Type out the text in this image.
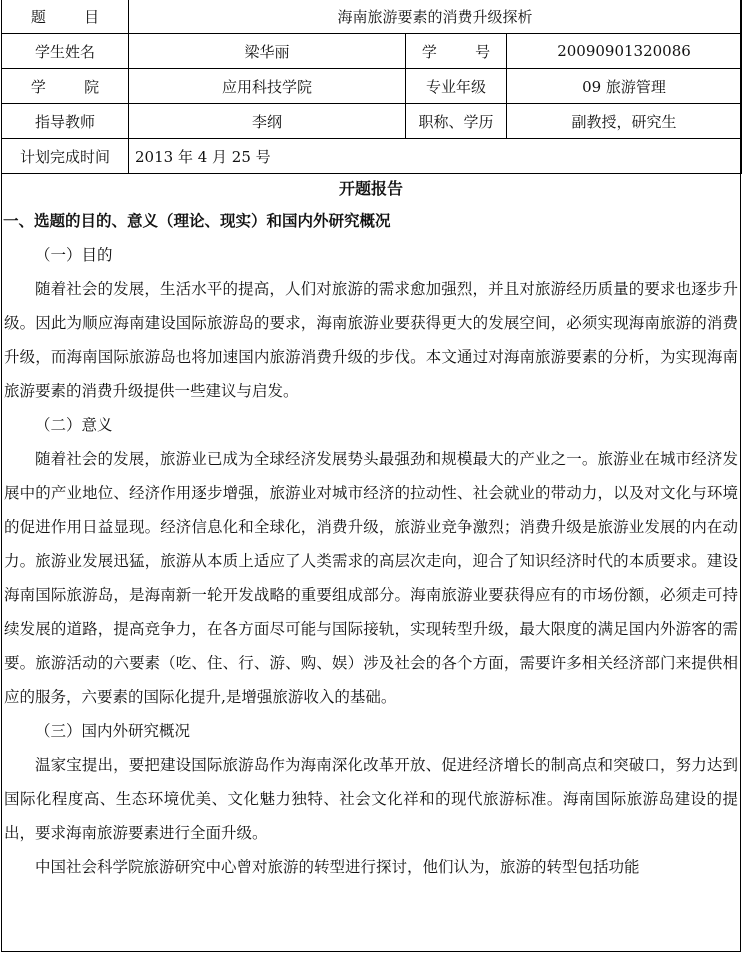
题        目	海南旅游要素的消费升级探析		
学生姓名	梁华丽	学        号	20090901320086
学        院	应用科技学院	专业年级	09 旅游管理
指导教师	李纲	职称、学历	副教授，研究生
计划完成时间	2013 年 4 月 25 号		
开题报告
一、选题的目的、意义（理论、现实）和国内外研究概况
（一）目的

随着社会的发展，生活水平的提高，人们对旅游的需求愈加强烈，并且对旅游经历质量的要求也逐步升级。因此为顺应海南建设国际旅游岛的要求，海南旅游业要获得更大的发展空间，必须实现海南旅游的消费升级，而海南国际旅游岛也将加速国内旅游消费升级的步伐。本文通过对海南旅游要素的分析，为实现海南旅游要素的消费升级提供一些建议与启发。

（二）意义

随着社会的发展，旅游业已成为全球经济发展势头最强劲和规模最大的产业之一。旅游业在城市经济发展中的产业地位、经济作用逐步增强，旅游业对城市经济的拉动性、社会就业的带动力，以及对文化与环境的促进作用日益显现。经济信息化和全球化，消费升级，旅游业竞争激烈；消费升级是旅游业发展的内在动力。旅游业发展迅猛，旅游从本质上适应了人类需求的高层次走向，迎合了知识经济时代的本质要求。建设海南国际旅游岛，是海南新一轮开发战略的重要组成部分。海南旅游业要获得应有的市场份额，必须走可持续发展的道路，提高竞争力，在各方面尽可能与国际接轨，实现转型升级，最大限度的满足国内外游客的需要。旅游活动的六要素（吃、住、行、游、购、娱）涉及社会的各个方面，需要许多相关经济部门来提供相应的服务，六要素的国际化提升,是增强旅游收入的基础。

（三）国内外研究概况

温家宝提出，要把建设国际旅游岛作为海南深化改革开放、促进经济增长的制高点和突破口，努力达到国际化程度高、生态环境优美、文化魅力独特、社会文化祥和的现代旅游标准。海南国际旅游岛建设的提出，要求海南旅游要素进行全面升级。

中国社会科学院旅游研究中心曾对旅游的转型进行探讨，他们认为，旅游的转型包括功能
